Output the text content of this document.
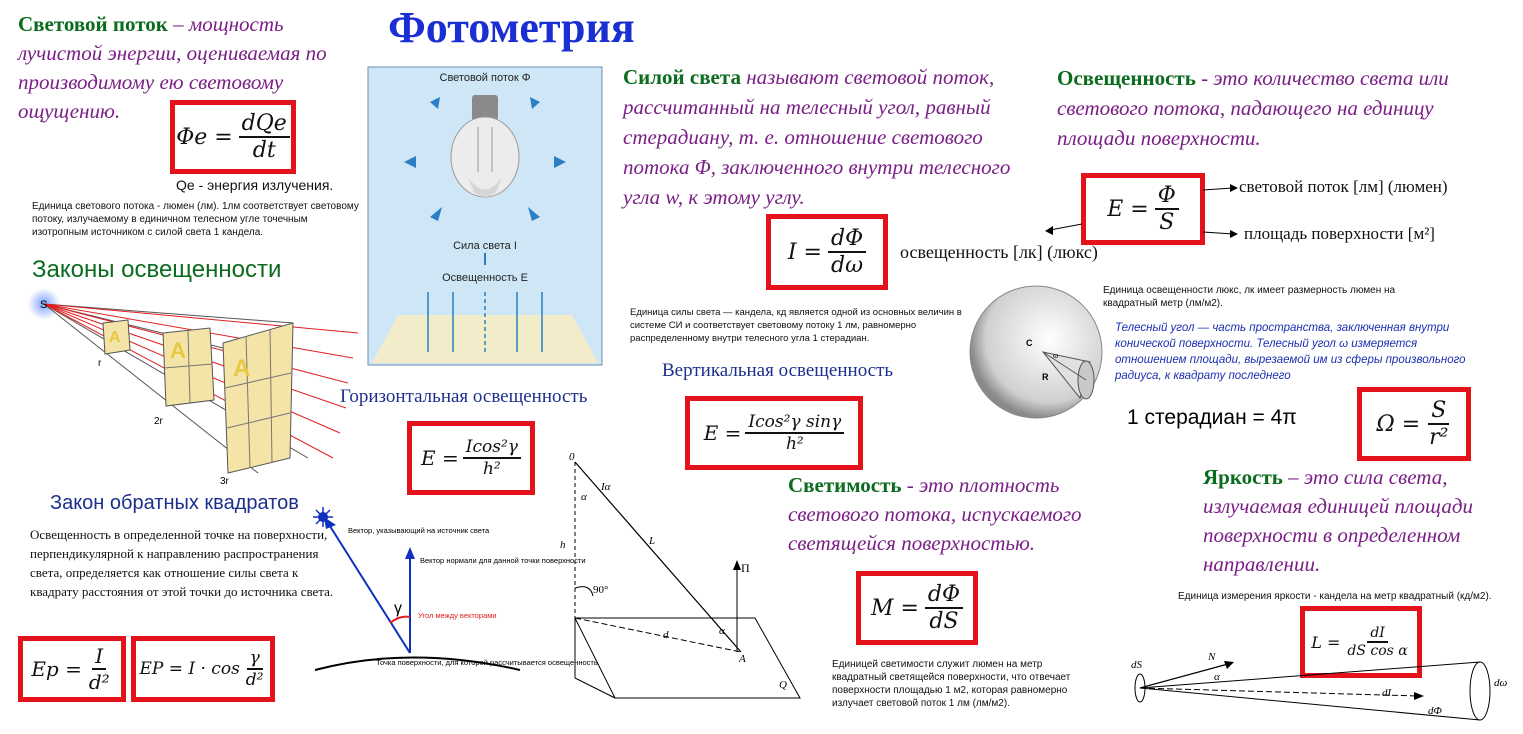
Фотометрия
Световой поток – мощность лучистой энергии, оцениваемая по производимому ею световому ощущению.
$\Phi e = \frac{\text{dQe}}{dt}$
Qe - энергия излучения.
Единица светового потока - люмен (лм). 1лм соответствует световому потоку, излучаемому в единичном телесном угле точечным изотропным источником с силой света 1 кандела.
Законы освещенности
S
r
2r
3r
A
A
A
Закон обратных квадратов
Освещенность в определенной точке на поверхности, перпендикулярной к направлению распространения света, определяется как отношение силы света к квадрату расстояния от этой точки до источника света.
$Ep = \frac{I}{\text{d²}}$ EP = $I \cdot \cos \frac{\gamma}{\text{d²}}$
Вектор, указывающий на источник света
Вектор нормали для данной точки поверхности
Угол между векторами
γ
Точка поверхности, для которой рассчитывается освещенность
Световой поток Φ
Сила света I
Освещенность E
Горизонтальная освещенность
$E = \frac{\text{Icos²γ}}{\text{h²}}$	0
Iα
α
h	L
90°
Π
d	α
A
Q
Силой света называют световой поток, рассчитанный на телесный угол, равный стерадиану, т. е. отношение светового потока Φ, заключенного внутри телесного угла w, к этому углу.
$I = \frac{d\Phi}{d\omega}$
Единица силы света — кандела, кд является одной из основных величин в системе СИ и соответствует световому потоку 1 лм, равномерно распределенному внутри телесного угла 1 стерадиан.
Вертикальная освещенность
$E = \frac{\text{Icos²γ sinγ}}{\text{h²}}$
Освещенность - это количество света или светового потока, падающего на единицу площади поверхности.
$E = \frac{\Phi}{S}$	световой поток [лм] (люмен)
площадь поверхности [м²]
освещенность [лк] (люкс)
Единица освещенности люкс, лк имеет размерность люмен на квадратный метр (лм/м2).
C
ω
R
Телесный угол — часть пространства, заключенная внутри конической поверхности. Телесный угол ω измеряется отношением площади, вырезаемой им из сферы произвольного радиуса, к квадрату последнего
1 стерадиан = 4π	$\Omega = \frac{S}{\text{r²}}$
Светимость - это плотность светового потока, испускаемого светящейся поверхностью.
$M = \frac{d\Phi}{dS}$
Единицей светимости служит люмен на метр квадратный светящейся поверхности, что отвечает поверхности площадью 1 м2, которая равномерно излучает световой поток 1 лм (лм/м2).
Яркость – это сила света, излучаемая единицей площади поверхности в определенном направлении.
Единица измерения яркости - кандела на метр квадратный (кд/м2).
$L = \frac{dI}{\text{dS cos α}}$
dS
N
α
dI
dΦ
dω
